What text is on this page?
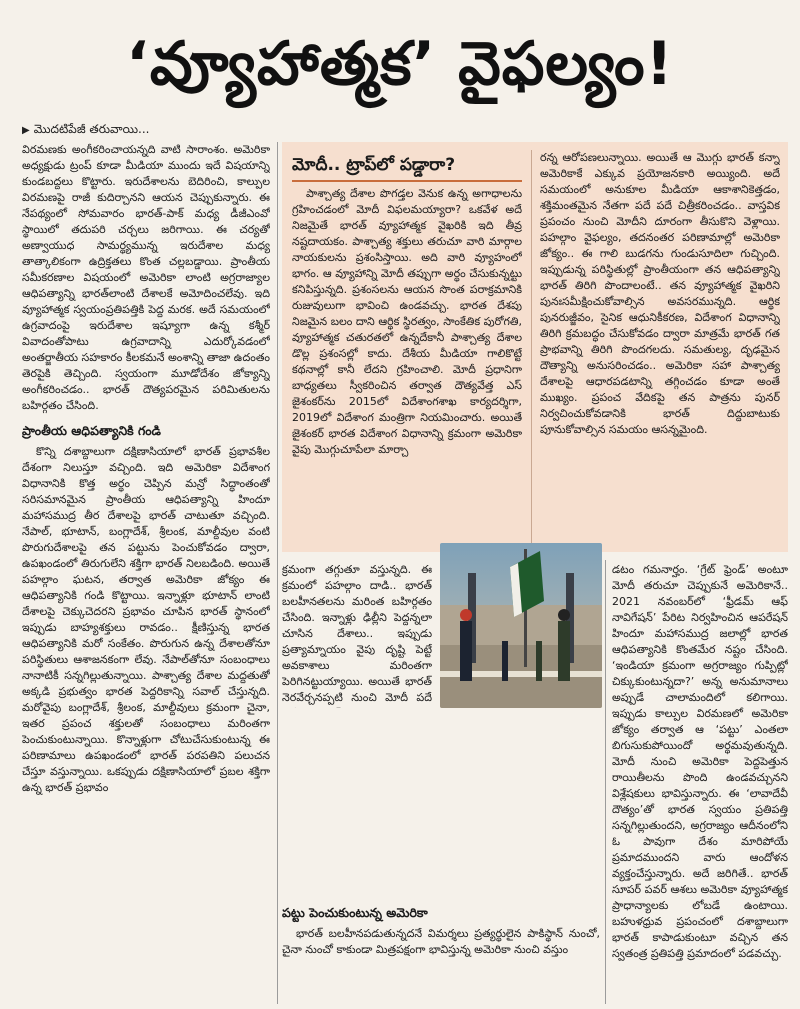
‘వ్యూహాత్మక’ వైఫల్యం!
▶ మొదటిపేజీ తరువాయి...

విరమణకు అంగీకరించాయన్నది వాటి సారాంశం. అమెరికా అధ్యక్షుడు ట్రంప్ కూడా మీడియా ముందు ఇదే విషయాన్ని కుండబద్దలు కొట్టారు. ఇరుదేశాలను బెదిరించి, కాల్పుల విరమణపై రాజీ కుదిర్చానని ఆయన చెప్పుకున్నారు. ఈ నేపథ్యంలో సోమవారం భారత్-పాక్ మధ్య డీజీఎంవో స్థాయిలో తదుపరి చర్చలు జరిగాయి. ఈ చర్యతో అణ్వాయుధ సామర్థ్యమున్న ఇరుదేశాల మధ్య తాత్కాలికంగా ఉద్రిక్తతలు కొంత చల్లబడ్డాయి. ప్రాంతీయ సమీకరణాల విషయంలో అమెరికా లాంటి అగ్రరాజ్యాల ఆధిపత్యాన్ని భారత్‌లాంటి దేశాలకే అమోదించలేవు. ఇది వ్యూహాత్మక స్వయంప్రతిపత్తికి పెద్ద మరక. అదే సమయంలో ఉగ్రవాదంపై ఇరుదేశాల ఇష్యూగా ఉన్న కశ్మీర్ వివాదంతోపాటు ఉగ్రవాదాన్ని ఎదుర్కోవడంలో అంతర్జాతీయ సహకారం కీలకమనే అంశాన్ని తాజా ఉదంతం తెరపైకి తెచ్చింది. స్వయంగా మూడోదేశం జోక్యాన్ని అంగీకరించడం.. భారత్ దౌత్యపరమైన పరిమితులను బహిర్గతం చేసింది.

ప్రాంతీయ ఆధిపత్యానికి గండి

కొన్ని దశాబ్దాలుగా దక్షిణాసియాలో భారత్ ప్రభావశీల దేశంగా నిలుస్తూ వచ్చింది. ఇది అమెరికా విదేశాంగ విధానానికి కొత్త అర్థం చెప్పిన మన్రో సిద్ధాంతంతో సరిసమానమైన ప్రాంతీయ ఆధిపత్యాన్ని హిందూ మహాసముద్ర తీర దేశాలపై భారత్ చాటుతూ వచ్చింది. నేపాల్, భూటాన్, బంగ్లాదేశ్, శ్రీలంక, మాల్దీవుల వంటి పొరుగుదేశాలపై తన పట్టును పెంచుకోవడం ద్వారా, ఉపఖండంలో తిరుగులేని శక్తిగా భారత్ నిలబడింది. అయితే పహల్గాం ఘటన, తర్వాత అమెరికా జోక్యం ఈ ఆధిపత్యానికి గండి కొట్టాయి. ఇన్నాళ్లూ భూటాన్ లాంటి దేశాలపై చెక్కుచెదరని ప్రభావం చూపిన భారత్ స్థానంలో ఇప్పుడు బాహ్యశక్తులు రావడం.. క్షీణిస్తున్న భారత ఆధిపత్యానికి మరో సంకేతం. పొరుగున ఉన్న దేశాలతోనూ పరిస్థితులు ఆశాజనకంగా లేవు. నేపాల్‌తోనూ సంబంధాలు నానాటికీ సన్నగిల్లుతున్నాయి. పాశ్చాత్య దేశాల మద్దతుతో అక్కడి ప్రభుత్వం భారత పెద్దరికాన్ని సవాల్ చేస్తున్నది. మరోవైపు బంగ్లాదేశ్, శ్రీలంక, మాల్దీవులు క్రమంగా చైనా, ఇతర ప్రపంచ శక్తులతో సంబంధాలు మరింతగా పెంచుకుంటున్నాయి. కొన్నాళ్లుగా చోటుచేసుకుంటున్న ఈ పరిణామాలు ఉపఖండంలో భారత్ పరపతిని పలుచన చేస్తూ వస్తున్నాయి. ఒకప్పుడు దక్షిణాసియాలో ప్రబల శక్తిగా ఉన్న భారత్ ప్రభావం

మోదీ.. ట్రాప్‌లో పడ్డారా?

పాశ్చాత్య దేశాల పొగడ్తల వెనుక ఉన్న అగాధాలను గ్రహించడంలో మోదీ విఫలమయ్యారా? ఒకవేళ అదే నిజమైతే భారత్ వ్యూహాత్మక వైఖరికి ఇది తీవ్ర నష్టదాయకం. పాశ్చాత్య శక్తులు తరుచూ వారి మార్గాల నాయకులను ప్రశంసిస్తాయి. అది వారి వ్యూహంలో భాగం. ఆ వ్యూహాన్ని మోదీ తప్పుగా అర్థం చేసుకున్నట్టు కనిపిస్తున్నది. ప్రశంసలను ఆయన సొంత పరాక్రమానికి రుజువులుగా భావించి ఉండవచ్చు. భారత దేశపు నిజమైన బలం దాని ఆర్థిక స్థిరత్వం, సాంకేతిక పురోగతి, వ్యూహాత్మక చతురతలో ఉన్నదేకానీ పాశ్చాత్య దేశాల డొల్ల ప్రశంసల్లో కాదు. దేశీయ మీడియా గాలికొట్టే కథనాల్లో కానీ లేదని గ్రహించాలి. మోదీ ప్రధానిగా బాధ్యతలు స్వీకరించిన తర్వాత దౌత్యవేత్త ఎస్ జైశంకర్‌ను 2015లో విదేశాంగశాఖ కార్యదర్శిగా, 2019లో విదేశాంగ మంత్రిగా నియమించారు. అయితే జైశంకర్ భారత విదేశాంగ విధానాన్ని క్రమంగా అమెరికా వైపు మొగ్గుచూపేలా మార్చా

రన్న ఆరోపణలున్నాయి. అయితే ఆ మొగ్గు భారత్ కన్నా అమెరికాకే ఎక్కువ ప్రయోజనకారి అయ్యింది. అదే సమయంలో అనుకూల మీడియా ఆకాశానికెత్తడం, శక్తిమంతమైన నేతగా పదే పదే చిత్రీకరించడం.. వాస్తవిక ప్రపంచం నుంచి మోదీని దూరంగా తీసుకొని వెళ్లాయి. పహల్గాం వైఫల్యం, తదనంతర పరిణామాల్లో అమెరికా జోక్యం.. ఈ గాలి బుడగను గుండుసూదిలా గుచ్చింది. ఇప్పుడున్న పరిస్థితుల్లో ప్రాంతీయంగా తన ఆధిపత్యాన్ని భారత్ తిరిగి పొందాలంటే.. తన వ్యూహాత్మక వైఖరిని పునఃసమీక్షించుకోవాల్సిన అవసరమున్నది. ఆర్థిక పునరుజ్జీవం, సైనిక ఆధునికీకరణ, విదేశాంగ విధానాన్ని తిరిగి క్రమబద్ధం చేసుకోవడం ద్వారా మాత్రమే భారత్ గత ప్రాభవాన్ని తిరిగి పొందగలదు. సమతుల్య, దృఢమైన దౌత్యాన్ని అనుసరించడం.. అమెరికా సహా పాశ్చాత్య దేశాలపై ఆధారపడటాన్ని తగ్గించడం కూడా అంతే ముఖ్యం. ప్రపంచ వేదికపై తన పాత్రను పునర్ నిర్వచించుకోవడానికి భారత్ దిద్దుబాటుకు పూనుకోవాల్సిన సమయం ఆసన్నమైంది.

క్రమంగా తగ్గుతూ వస్తున్నది. ఈ క్రమంలో పహల్గాం దాడి.. భారత్ బలహీనతలను మరింత బహిర్గతం చేసింది. ఇన్నాళ్లు ఢిల్లీని పెద్దన్నలా చూసిన దేశాలు.. ఇప్పుడు ప్రత్యామ్నాయం వైపు దృష్టి పెట్టే అవకాశాలు మరింతగా పెరిగినట్టుయ్యాయి. అయితే భారత్ నెరవేర్చనప్పటి నుంచి మోదీ పదే

పట్టు పెంచుకుంటున్న అమెరికా

భారత్ బలహీనపడుతున్నదనే విమర్శలు ప్రత్యర్థులైన పాకిస్థాన్ నుంచో, చైనా నుంచో కాకుండా మిత్రపక్షంగా భావిస్తున్న అమెరికా నుంచి వస్తుం

డటం గమనార్హం. ‘గ్రేట్ ఫ్రెండ్’ అంటూ మోదీ తరుచూ చెప్పుకునే అమెరికానే.. 2021 నవంబర్‌లో ‘ఫ్రీడమ్ ఆఫ్ నావిగేషన్’ పేరిట నిర్వహించిన ఆపరేషన్ హిందూ మహాసముద్ర జలాల్లో భారత ఆధిపత్యానికి కొంతమేర నష్టం చేసింది. ‘ఇండియా క్రమంగా అగ్రరాజ్యం గుప్పిట్లో చిక్కుకుంటున్నదా?’ అన్న అనుమానాలు అప్పుడే చాలామందిలో కలిగాయి. ఇప్పుడు కాల్పుల విరమణలో అమెరికా జోక్యం తర్వాత ఆ ‘పట్టు’ ఎంతలా బిగుసుకుపోయిందో అర్థమవుతున్నది. మోదీ నుంచి అమెరికా పెద్దపెత్తున రాయితీలను పొంది ఉండవచ్చునని విశ్లేషకులు భావిస్తున్నారు. ఈ ‘లావాదేవీ దౌత్యం’తో భారత స్వయం ప్రతిపత్తి సన్నగిల్లుతుందని, అగ్రరాజ్యం ఆదీనంలోని ఓ పావుగా దేశం మారిపోయే ప్రమాదముందని వారు ఆందోళన వ్యక్తంచేస్తున్నారు. అదే జరిగితే.. భారత్ సూపర్ పవర్ ఆశలు అమెరికా వ్యూహాత్మక ప్రాధాన్యాలకు లోబడే ఉంటాయి. బహుళధ్రువ ప్రపంచంలో దశాబ్దాలుగా భారత్ కాపాడుకుంటూ వచ్చిన తన స్వతంత్ర ప్రతిపత్తి ప్రమాదంలో పడవచ్చు.
